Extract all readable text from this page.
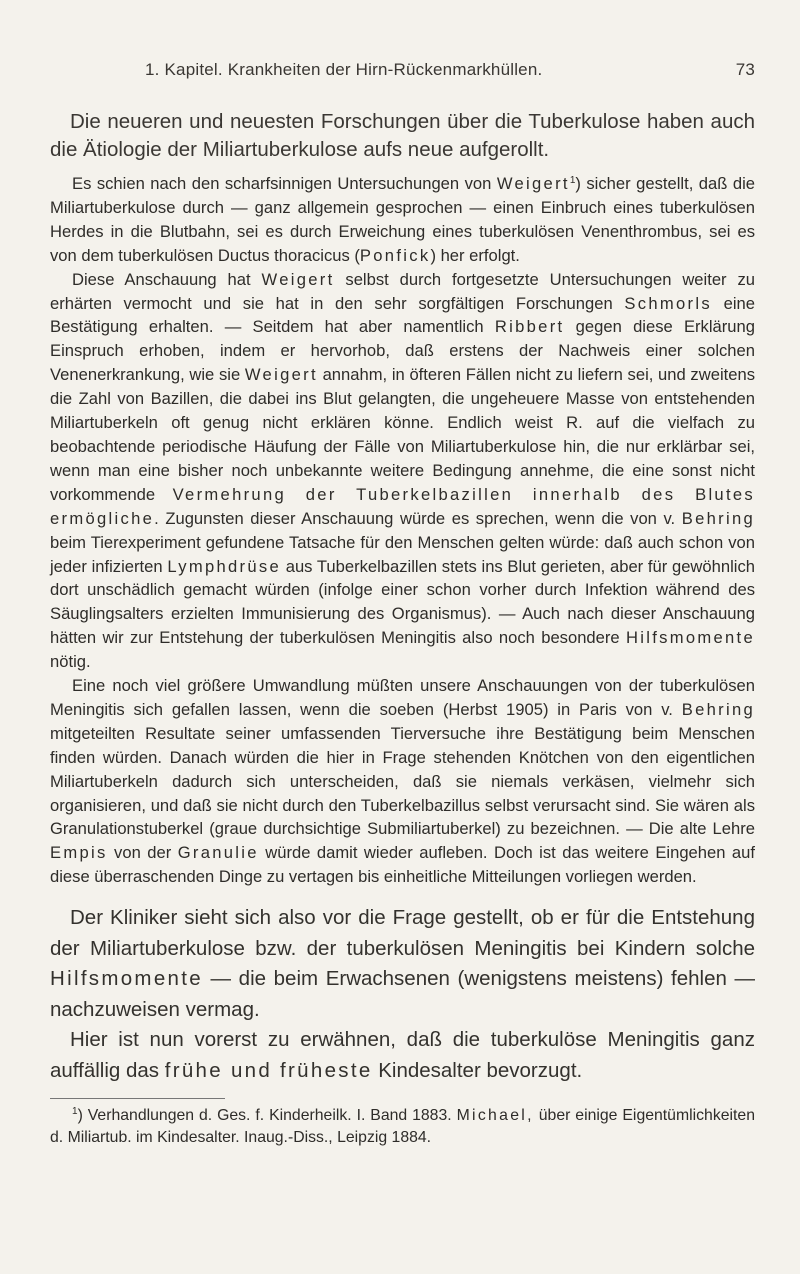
1. Kapitel. Krankheiten der Hirn-Rückenmarkhüllen.	73

Die neueren und neuesten Forschungen über die Tuberkulose haben auch die Ätiologie der Miliartuberkulose aufs neue aufgerollt.

Es schien nach den scharfsinnigen Untersuchungen von Weigert$^1$) sicher gestellt, daß die Miliartuberkulose durch — ganz allgemein gesprochen — einen Einbruch eines tuberkulösen Herdes in die Blutbahn, sei es durch Erweichung eines tuberkulösen Venenthrombus, sei es von dem tuberkulösen Ductus thoracicus (Ponfick) her erfolgt.

Diese Anschauung hat Weigert selbst durch fortgesetzte Untersuchungen weiter zu erhärten vermocht und sie hat in den sehr sorgfältigen Forschungen Schmorls eine Bestätigung erhalten. — Seitdem hat aber namentlich Ribbert gegen diese Erklärung Einspruch erhoben, indem er hervorhob, daß erstens der Nachweis einer solchen Venenerkrankung, wie sie Weigert annahm, in öfteren Fällen nicht zu liefern sei, und zweitens die Zahl von Bazillen, die dabei ins Blut gelangten, die ungeheuere Masse von entstehenden Miliartuberkeln oft genug nicht erklären könne. Endlich weist R. auf die vielfach zu beobachtende periodische Häufung der Fälle von Miliartuberkulose hin, die nur erklärbar sei, wenn man eine bisher noch unbekannte weitere Bedingung annehme, die eine sonst nicht vorkommende Vermehrung der Tuberkelbazillen innerhalb des Blutes ermögliche. Zugunsten dieser Anschauung würde es sprechen, wenn die von v. Behring beim Tierexperiment gefundene Tatsache für den Menschen gelten würde: daß auch schon von jeder infizierten Lymphdrüse aus Tuberkelbazillen stets ins Blut gerieten, aber für gewöhnlich dort unschädlich gemacht würden (infolge einer schon vorher durch Infektion während des Säuglingsalters erzielten Immunisierung des Organismus). — Auch nach dieser Anschauung hätten wir zur Entstehung der tuberkulösen Meningitis also noch besondere Hilfsmomente nötig.

Eine noch viel größere Umwandlung müßten unsere Anschauungen von der tuberkulösen Meningitis sich gefallen lassen, wenn die soeben (Herbst 1905) in Paris von v. Behring mitgeteilten Resultate seiner umfassenden Tierversuche ihre Bestätigung beim Menschen finden würden. Danach würden die hier in Frage stehenden Knötchen von den eigentlichen Miliartuberkeln dadurch sich unterscheiden, daß sie niemals verkäsen, vielmehr sich organisieren, und daß sie nicht durch den Tuberkelbazillus selbst verursacht sind. Sie wären als Granulationstuberkel (graue durchsichtige Submiliartuberkel) zu bezeichnen. — Die alte Lehre Empis von der Granulie würde damit wieder aufleben. Doch ist das weitere Eingehen auf diese überraschenden Dinge zu vertagen bis einheitliche Mitteilungen vorliegen werden.

Der Kliniker sieht sich also vor die Frage gestellt, ob er für die Entstehung der Miliartuberkulose bzw. der tuberkulösen Meningitis bei Kindern solche Hilfsmomente — die beim Erwachsenen (wenigstens meistens) fehlen — nachzuweisen vermag.

Hier ist nun vorerst zu erwähnen, daß die tuberkulöse Meningitis ganz auffällig das frühe und früheste Kindesalter bevorzugt.

$^1$) Verhandlungen d. Ges. f. Kinderheilk. I. Band 1883. Michael, über einige Eigentümlichkeiten d. Miliartub. im Kindesalter. Inaug.-Diss., Leipzig 1884.
